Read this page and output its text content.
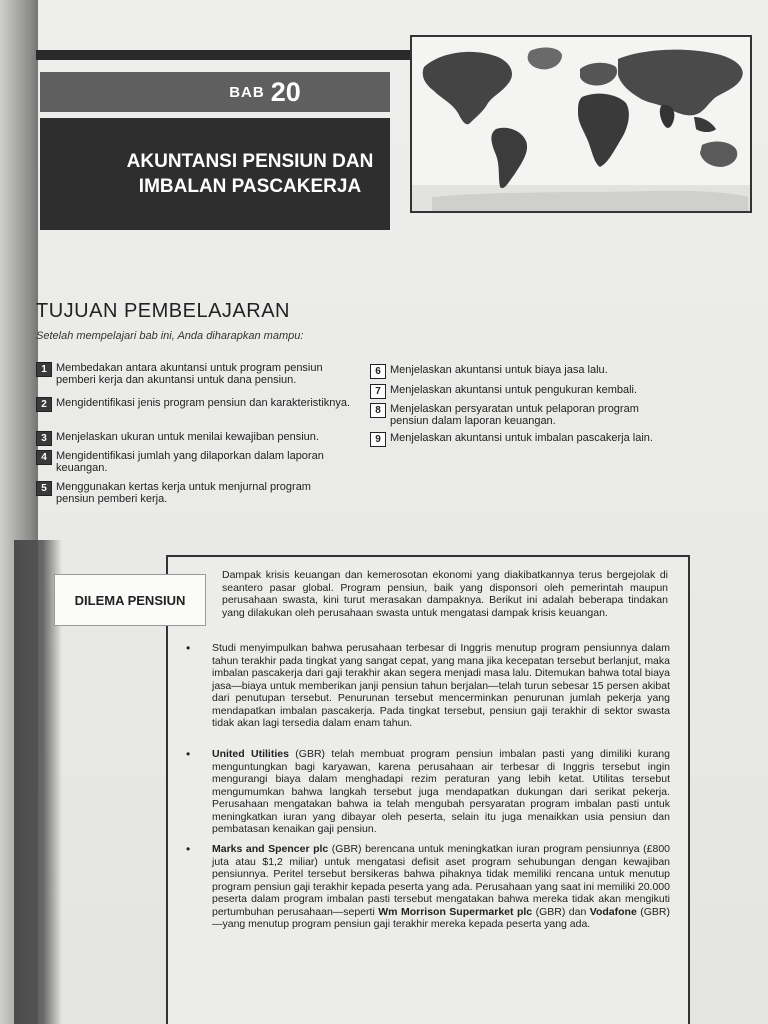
BAB 20
AKUNTANSI PENSIUN DAN
IMBALAN PASCAKERJA
TUJUAN PEMBELAJARAN
Setelah mempelajari bab ini, Anda diharapkan mampu:
1 Membedakan antara akuntansi untuk program pensiun pemberi kerja dan akuntansi untuk dana pensiun.
2 Mengidentifikasi jenis program pensiun dan karakteristiknya.
3 Menjelaskan ukuran untuk menilai kewajiban pensiun.
4 Mengidentifikasi jumlah yang dilaporkan dalam laporan keuangan.
5 Menggunakan kertas kerja untuk menjurnal program pensiun pemberi kerja.
6 Menjelaskan akuntansi untuk biaya jasa lalu.
7 Menjelaskan akuntansi untuk pengukuran kembali.
8 Menjelaskan persyaratan untuk pelaporan program pensiun dalam laporan keuangan.
9 Menjelaskan akuntansi untuk imbalan pascakerja lain.
DILEMA PENSIUN
Dampak krisis keuangan dan kemerosotan ekonomi yang diakibatkannya terus bergejolak di seantero pasar global. Program pensiun, baik yang disponsori oleh pemerintah maupun perusahaan swasta, kini turut merasakan dampaknya. Berikut ini adalah beberapa tindakan yang dilakukan oleh perusahaan swasta untuk mengatasi dampak krisis keuangan.
•	Studi menyimpulkan bahwa perusahaan terbesar di Inggris menutup program pensiunnya dalam tahun terakhir pada tingkat yang sangat cepat, yang mana jika kecepatan tersebut berlanjut, maka imbalan pascakerja dari gaji terakhir akan segera menjadi masa lalu. Ditemukan bahwa total biaya jasa—biaya untuk memberikan janji pensiun tahun berjalan—telah turun sebesar 15 persen akibat dari penutupan tersebut. Penurunan tersebut mencerminkan penurunan jumlah pekerja yang mendapatkan imbalan pascakerja. Pada tingkat tersebut, pensiun gaji terakhir di sektor swasta tidak akan lagi tersedia dalam enam tahun.
•	United Utilities (GBR) telah membuat program pensiun imbalan pasti yang dimiliki kurang menguntungkan bagi karyawan, karena perusahaan air terbesar di Inggris tersebut ingin mengurangi biaya dalam menghadapi rezim peraturan yang lebih ketat. Utilitas tersebut mengumumkan bahwa langkah tersebut juga mendapatkan dukungan dari serikat pekerja. Perusahaan mengatakan bahwa ia telah mengubah persyaratan program imbalan pasti untuk meningkatkan iuran yang dibayar oleh peserta, selain itu juga menaikkan usia pensiun dan pembatasan kenaikan gaji pensiun.
•	Marks and Spencer plc (GBR) berencana untuk meningkatkan iuran program pensiunnya (£800 juta atau $1,2 miliar) untuk mengatasi defisit aset program sehubungan dengan kewajiban pensiunnya. Peritel tersebut bersikeras bahwa pihaknya tidak memiliki rencana untuk menutup program pensiun gaji terakhir kepada peserta yang ada. Perusahaan yang saat ini memiliki 20.000 peserta dalam program imbalan pasti tersebut mengatakan bahwa mereka tidak akan mengikuti pertumbuhan perusahaan—seperti Wm Morrison Supermarket plc (GBR) dan Vodafone (GBR)—yang menutup program pensiun gaji terakhir mereka kepada peserta yang ada.
